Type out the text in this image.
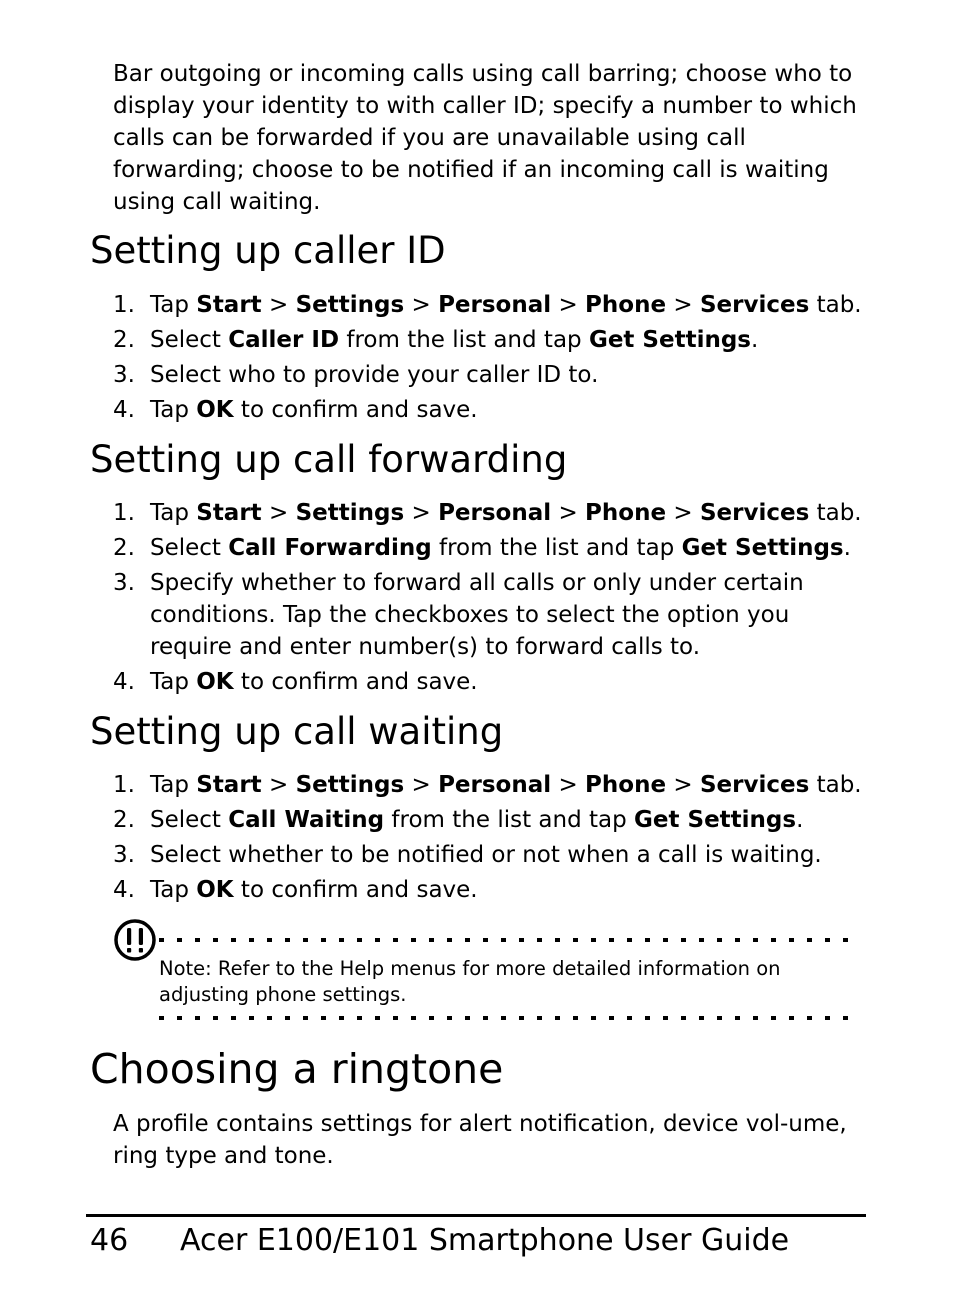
Bar outgoing or incoming calls using call barring; choose who to display your identity to with caller ID; specify a number to which calls can be forwarded if you are unavailable using call forwarding; choose to be notified if an incoming call is waiting using call waiting.

Setting up caller ID
1. Tap Start > Settings > Personal > Phone > Services tab.
2. Select Caller ID from the list and tap Get Settings.
3. Select who to provide your caller ID to.
4. Tap OK to confirm and save.
Setting up call forwarding
1. Tap Start > Settings > Personal > Phone > Services tab.
2. Select Call Forwarding from the list and tap Get Settings.
3. Specify whether to forward all calls or only under certain conditions. Tap the checkboxes to select the option you require and enter number(s) to forward calls to.
4. Tap OK to confirm and save.
Setting up call waiting
1. Tap Start > Settings > Personal > Phone > Services tab.
2. Select Call Waiting from the list and tap Get Settings.
3. Select whether to be notified or not when a call is waiting.
4. Tap OK to confirm and save.

Note: Refer to the Help menus for more detailed information on adjusting phone settings.

Choosing a ringtone

A profile contains settings for alert notification, device vol-ume, ring type and tone.

46 Acer E100/E101 Smartphone User Guide
